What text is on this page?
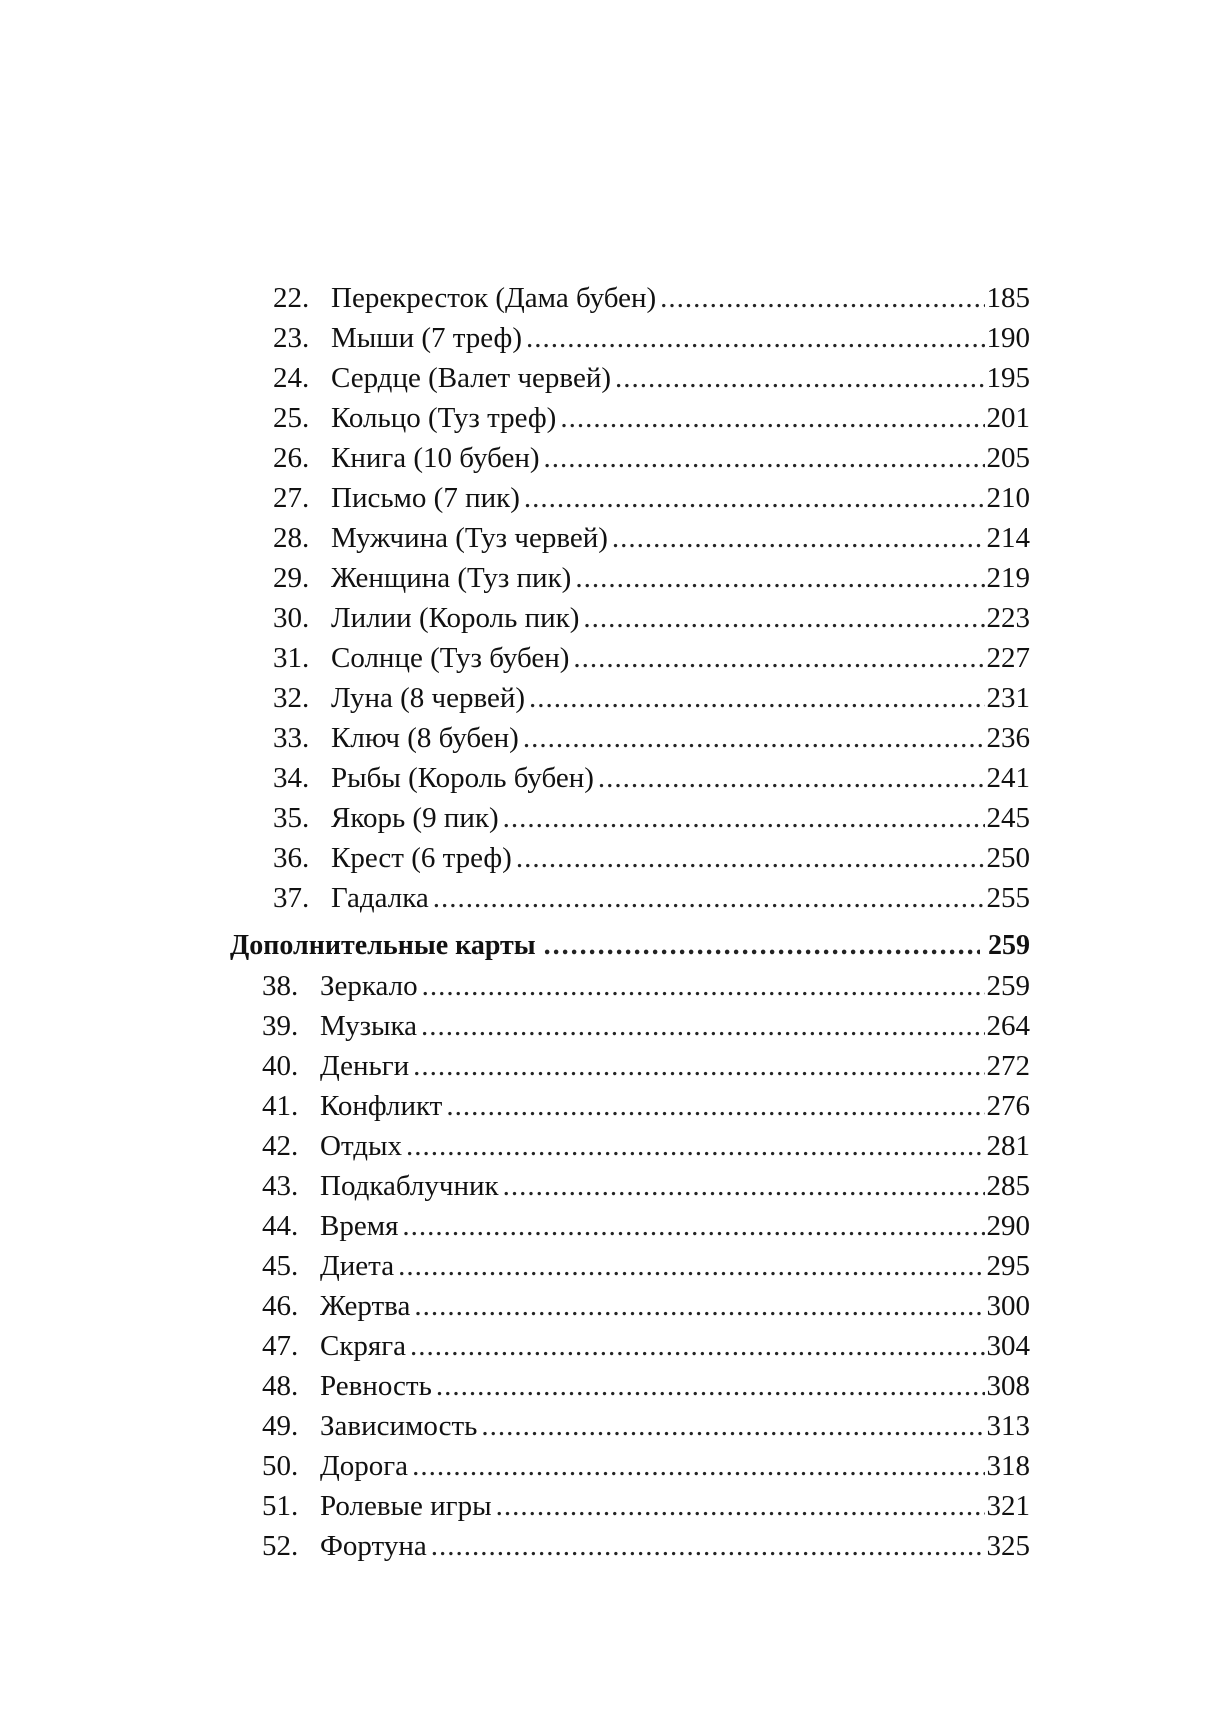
22. Перекресток (Дама бубен) .....	185
23. Мыши (7 треф) .....	190
24. Сердце (Валет червей) .....	195
25. Кольцо (Туз треф) .....	201
26. Книга (10 бубен) .....	205
27. Письмо (7 пик) .....	210
28. Мужчина (Туз червей) .....	214
29. Женщина (Туз пик) .....	219
30. Лилии (Король пик) .....	223
31. Солнце (Туз бубен) .....	227
32. Луна (8 червей) .....	231
33. Ключ (8 бубен) .....	236
34. Рыбы (Король бубен) .....	241
35. Якорь (9 пик) .....	245
36. Крест (6 треф) .....	250
37. Гадалка .....	255
Дополнительные карты .....	259
38. Зеркало .....	259
39. Музыка .....	264
40. Деньги .....	272
41. Конфликт .....	276
42. Отдых .....	281
43. Подкаблучник .....	285
44. Время .....	290
45. Диета .....	295
46. Жертва .....	300
47. Скряга .....	304
48. Ревность .....	308
49. Зависимость .....	313
50. Дорога .....	318
51. Ролевые игры .....	321
52. Фортуна .....	325
